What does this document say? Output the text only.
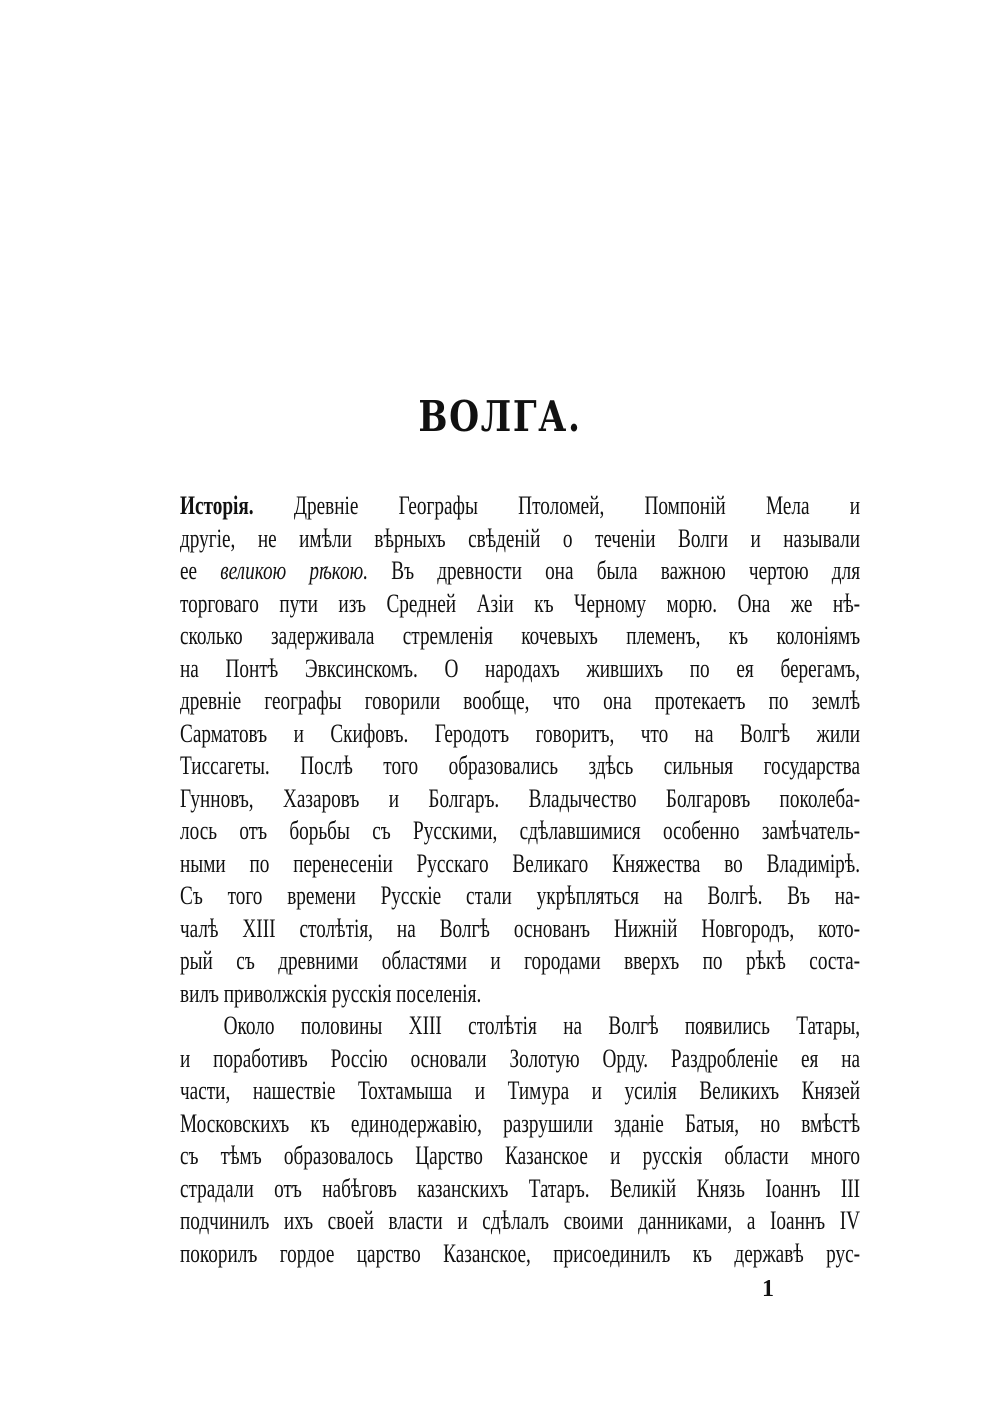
ВОЛГА.
Исторія. Древніе Географы Птоломей, Помпоній Мела и
другіе, не имѣли вѣрныхъ свѣденій о теченіи Волги и называли
ее великою рѣкою. Въ древности она была важною чертою для
торговаго пути изъ Средней Азіи къ Черному морю. Она же нѣ-
сколько задерживала стремленія кочевыхъ племенъ, къ колоніямъ
на Понтѣ Эвксинскомъ. О народахъ жившихъ по ея берегамъ,
древніе географы говорили вообще, что она протекаетъ по землѣ
Сарматовъ и Скифовъ. Геродотъ говоритъ, что на Волгѣ жили
Тиссагеты. Послѣ того образовались здѣсь сильныя государства
Гунновъ, Хазаровъ и Болгаръ. Владычество Болгаровъ поколеба-
лось отъ борьбы съ Русскими, сдѣлавшимися особенно замѣчатель-
ными по перенесеніи Русскаго Великаго Княжества во Владимірѣ.
Съ того времени Русскіе стали укрѣпляться на Волгѣ. Въ на-
чалѣ XIII столѣтія, на Волгѣ основанъ Нижній Новгородъ, кото-
рый съ древними областями и городами вверхъ по рѣкѣ соста-
вилъ приволжскія русскія поселенія.
Около половины XIII столѣтія на Волгѣ появились Татары,
и поработивъ Россію основали Золотую Орду. Раздробленіе ея на
части, нашествіе Тохтамыша и Тимура и усилія Великихъ Князей
Московскихъ къ единодержавію, разрушили зданіе Батыя, но вмѣстѣ
съ тѣмъ образовалось Царство Казанское и русскія области много
страдали отъ набѣговъ казанскихъ Татаръ. Великій Князь Іоаннъ III
подчинилъ ихъ своей власти и сдѣлалъ своими данниками, а Іоаннъ IV
покорилъ гордое царство Казанское, присоединилъ къ державѣ рус-
1
